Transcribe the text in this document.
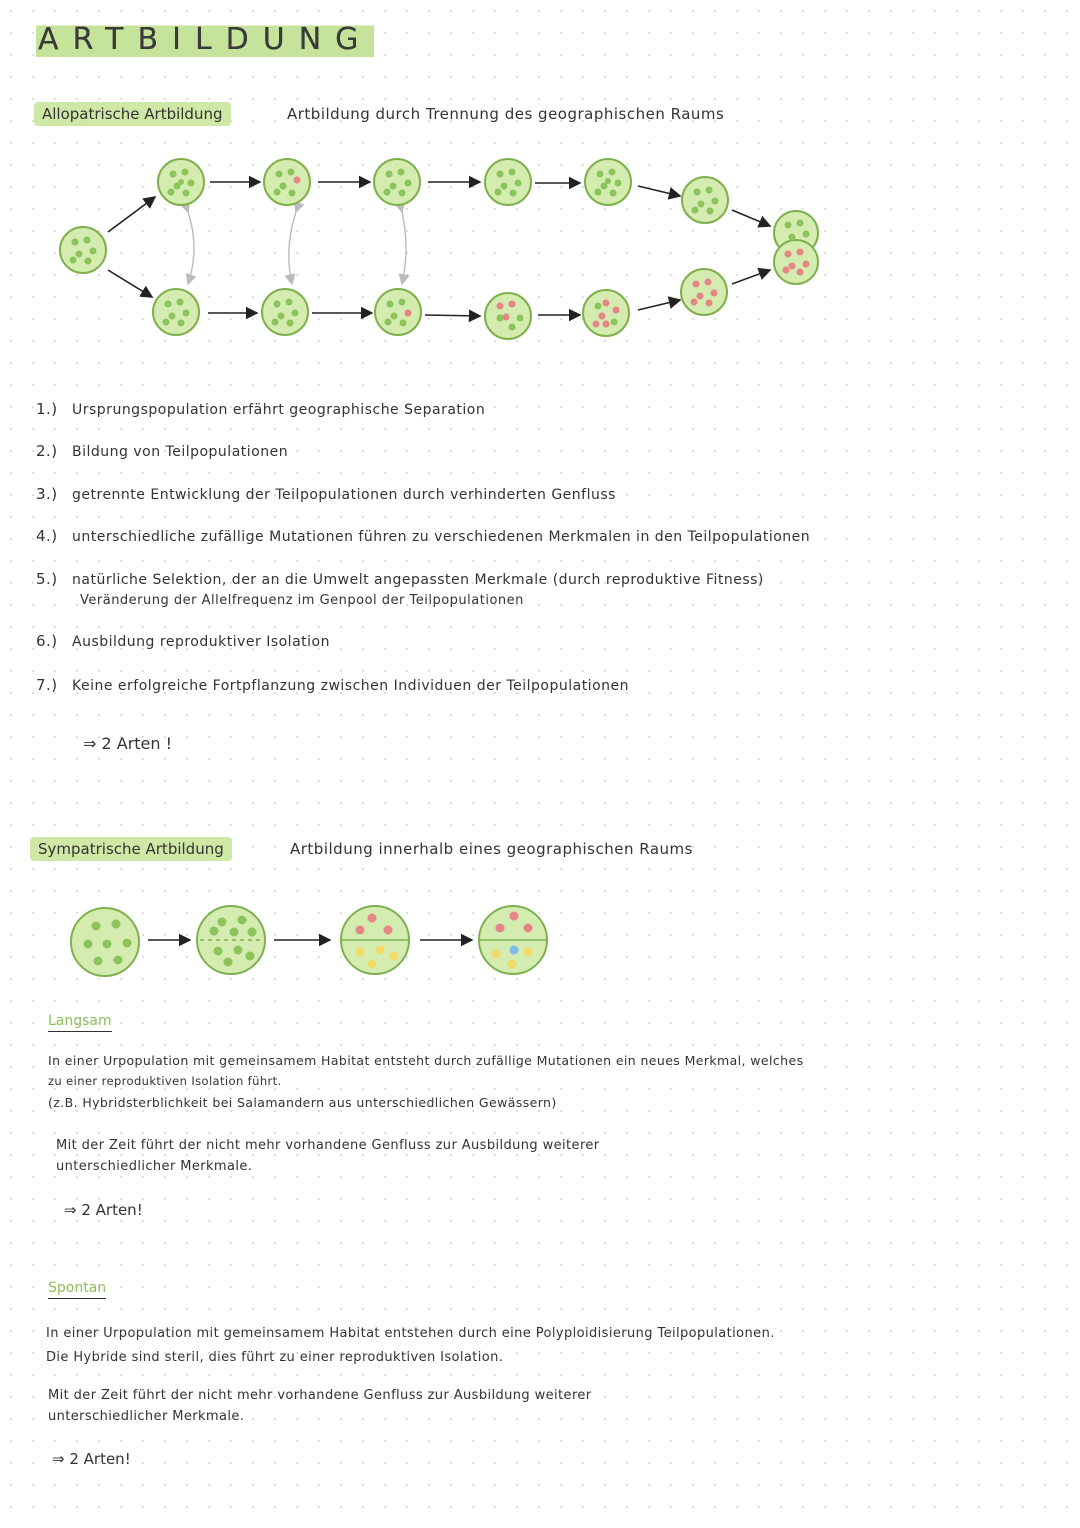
ARTBILDUNG
Allopatrische Artbildung	Artbildung durch Trennung des geographischen Raums
1.) Ursprungspopulation erfährt geographische Separation
2.) Bildung von Teilpopulationen
3.) getrennte Entwicklung der Teilpopulationen durch verhinderten Genfluss
4.) unterschiedliche zufällige Mutationen führen zu verschiedenen Merkmalen in den Teilpopulationen
5.) natürliche Selektion, der an die Umwelt angepassten Merkmale (durch reproduktive Fitness)
Veränderung der Allelfrequenz im Genpool der Teilpopulationen
6.) Ausbildung reproduktiver Isolation
7.) Keine erfolgreiche Fortpflanzung zwischen Individuen der Teilpopulationen
⇒ 2 Arten !
Sympatrische Artbildung	Artbildung innerhalb eines geographischen Raums
Langsam
In einer Urpopulation mit gemeinsamem Habitat entsteht durch zufällige Mutationen ein neues Merkmal, welches
zu einer reproduktiven Isolation führt.
(z.B. Hybridsterblichkeit bei Salamandern aus unterschiedlichen Gewässern)
Mit der Zeit führt der nicht mehr vorhandene Genfluss zur Ausbildung weiterer
unterschiedlicher Merkmale.
⇒ 2 Arten!
Spontan
In einer Urpopulation mit gemeinsamem Habitat entstehen durch eine Polyploidisierung Teilpopulationen.
Die Hybride sind steril, dies führt zu einer reproduktiven Isolation.
Mit der Zeit führt der nicht mehr vorhandene Genfluss zur Ausbildung weiterer
unterschiedlicher Merkmale.
⇒ 2 Arten!
